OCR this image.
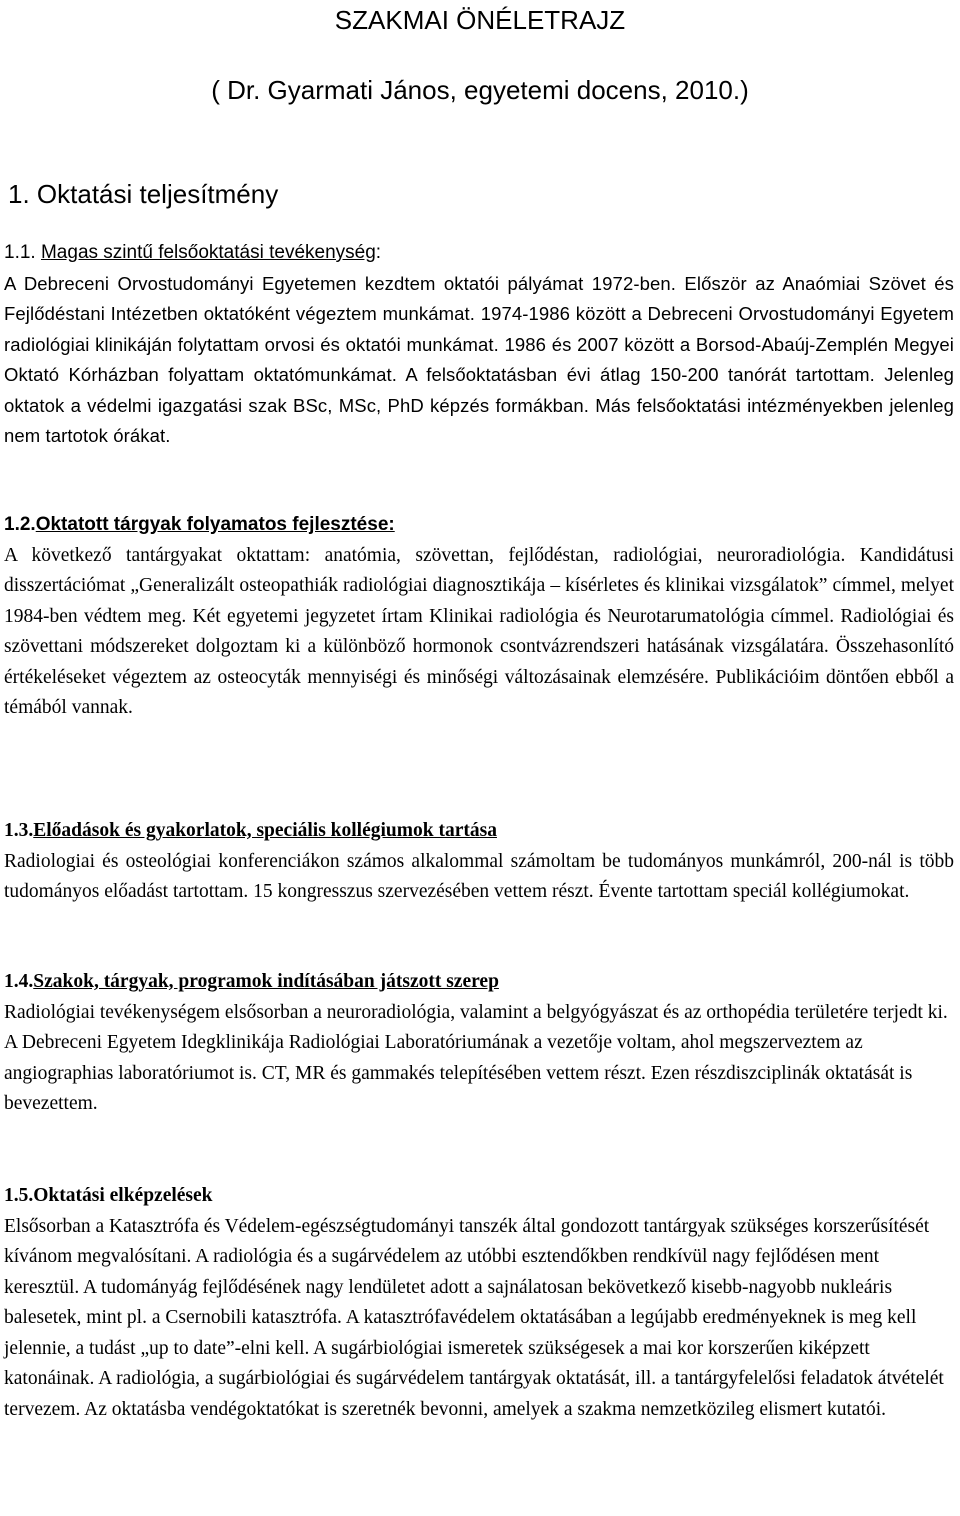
SZAKMAI ÖNÉLETRAJZ
( Dr. Gyarmati János, egyetemi docens, 2010.)
1. Oktatási teljesítmény

1.1. Magas szintű felsőoktatási tevékenység:

A Debreceni Orvostudományi Egyetemen kezdtem oktatói pályámat 1972-ben. Először az Anaómiai Szövet és Fejlődéstani Intézetben oktatóként végeztem munkámat. 1974-1986 között a Debreceni Orvostudományi Egyetem radiológiai klinikáján folytattam orvosi és oktatói munkámat. 1986 és 2007 között a Borsod-Abaúj-Zemplén Megyei Oktató Kórházban folyattam oktatómunkámat. A felsőoktatásban évi átlag 150-200 tanórát tartottam. Jelenleg oktatok a védelmi igazgatási szak BSc, MSc, PhD képzés formákban. Más felsőoktatási intézményekben jelenleg nem tartotok órákat.

1.2.Oktatott tárgyak folyamatos fejlesztése:

A következő tantárgyakat oktattam: anatómia, szövettan, fejlődéstan, radiológiai, neuroradiológia. Kandidátusi disszertációmat „Generalizált osteopathiák radiológiai diagnosztikája – kísérletes és klinikai vizsgálatok” címmel, melyet 1984-ben védtem meg. Két egyetemi jegyzetet írtam Klinikai radiológia és Neurotarumatológia címmel. Radiológiai és szövettani módszereket dolgoztam ki a különböző hormonok csontvázrendszeri hatásának vizsgálatára. Összehasonlító értékeléseket végeztem az osteocyták mennyiségi és minőségi változásainak elemzésére. Publikációim döntően ebből a témából vannak.

1.3.Előadások és gyakorlatok, speciális kollégiumok tartása

Radiologiai és osteológiai konferenciákon számos alkalommal számoltam be tudományos munkámról, 200-nál is több tudományos előadást tartottam. 15 kongresszus szervezésében vettem részt. Évente tartottam speciál kollégiumokat.

1.4.Szakok, tárgyak, programok indításában játszott szerep

Radiológiai tevékenységem elsősorban a neuroradiológia, valamint a belgyógyászat és az orthopédia területére terjedt ki. A Debreceni Egyetem Idegklinikája Radiológiai Laboratóriumának a vezetője voltam, ahol megszerveztem az angiographias laboratóriumot is. CT, MR és gammakés telepítésében vettem részt. Ezen részdiszciplinák oktatását is bevezettem.

1.5.Oktatási elképzelések

Elsősorban a Katasztrófa és Védelem-egészségtudományi tanszék által gondozott tantárgyak szükséges korszerűsítését kívánom megvalósítani. A radiológia és a sugárvédelem az utóbbi esztendőkben rendkívül nagy fejlődésen ment keresztül. A tudományág fejlődésének nagy lendületet adott a sajnálatosan bekövetkező kisebb-nagyobb nukleáris balesetek, mint pl. a Csernobili katasztrófa. A katasztrófavédelem oktatásában a legújabb eredményeknek is meg kell jelennie, a tudást „up to date”-elni kell. A sugárbiológiai ismeretek szükségesek a mai kor korszerűen kiképzett katonáinak. A radiológia, a sugárbiológiai és sugárvédelem tantárgyak oktatását, ill. a tantárgyfelelősi feladatok átvételét tervezem. Az oktatásba vendégoktatókat is szeretnék bevonni, amelyek a szakma nemzetközileg elismert kutatói.
